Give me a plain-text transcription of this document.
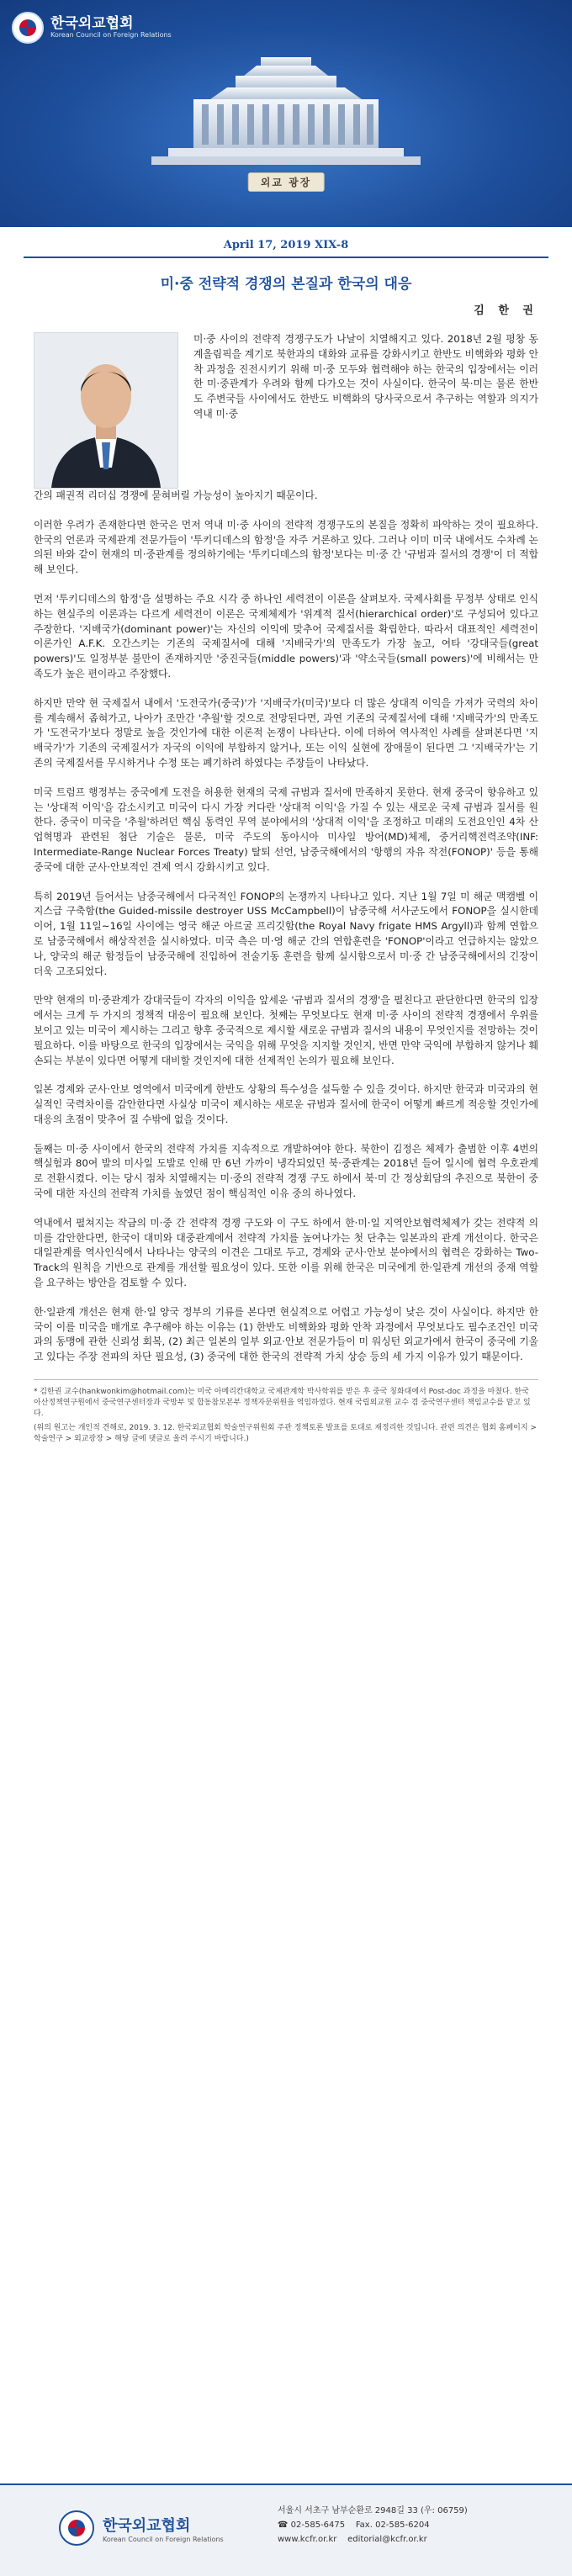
한국외교협회
Korean Council on Foreign Relations
외교 광장
April 17, 2019 XIX-8
미·중 전략적 경쟁의 본질과 한국의 대응
김 한 권

미·중 사이의 전략적 경쟁구도가 나날이 치열해지고 있다. 2018년 2월 평창 동계올림픽을 계기로 북한과의 대화와 교류를 강화시키고 한반도 비핵화와 평화 안착 과정을 진전시키기 위해 미·중 모두와 협력해야 하는 한국의 입장에서는 이러한 미·중관계가 우려와 함께 다가오는 것이 사실이다. 한국이 북·미는 물론 한반도 주변국들 사이에서도 한반도 비핵화의 당사국으로서 추구하는 역할과 의지가 역내 미·중

간의 패권적 리더십 경쟁에 묻혀버릴 가능성이 높아지기 때문이다.

이러한 우려가 존재한다면 한국은 먼저 역내 미·중 사이의 전략적 경쟁구도의 본질을 정확히 파악하는 것이 필요하다. 한국의 언론과 국제관계 전문가들이 '투키디데스의 함정'을 자주 거론하고 있다. 그러나 이미 미국 내에서도 수차례 논의된 바와 같이 현재의 미·중관계를 정의하기에는 '투키디데스의 함정'보다는 미·중 간 '규범과 질서의 경쟁'이 더 적합해 보인다.

먼저 '투키디데스의 함정'을 설명하는 주요 시각 중 하나인 세력전이 이론을 살펴보자. 국제사회를 무정부 상태로 인식하는 현실주의 이론과는 다르게 세력전이 이론은 국제체제가 '위계적 질서(hierarchical order)'로 구성되어 있다고 주장한다. '지배국가(dominant power)'는 자신의 이익에 맞추어 국제질서를 확립한다. 따라서 대표적인 세력전이 이론가인 A.F.K. 오간스키는 기존의 국제질서에 대해 '지배국가'의 만족도가 가장 높고, 여타 '강대국들(great powers)'도 일정부분 불만이 존재하지만 '중진국들(middle powers)'과 '약소국들(small powers)'에 비해서는 만족도가 높은 편이라고 주장했다.

하지만 만약 현 국제질서 내에서 '도전국가(중국)'가 '지배국가(미국)'보다 더 많은 상대적 이익을 가져가 국력의 차이를 계속해서 좁혀가고, 나아가 조만간 '추월'할 것으로 전망된다면, 과연 기존의 국제질서에 대해 '지배국가'의 만족도가 '도전국가'보다 정말로 높을 것인가에 대한 이론적 논쟁이 나타난다. 이에 더하여 역사적인 사례를 살펴본다면 '지배국가'가 기존의 국제질서가 자국의 이익에 부합하지 않거나, 또는 이익 실현에 장애물이 된다면 그 '지배국가'는 기존의 국제질서를 무시하거나 수정 또는 폐기하려 하였다는 주장들이 나타났다.

미국 트럼프 행정부는 중국에게 도전을 허용한 현재의 국제 규범과 질서에 만족하지 못한다. 현재 중국이 향유하고 있는 '상대적 이익'을 감소시키고 미국이 다시 가장 커다란 '상대적 이익'을 가질 수 있는 새로운 국제 규범과 질서를 원한다. 중국이 미국을 '추월'하려던 핵심 동력인 무역 분야에서의 '상대적 이익'을 조정하고 미래의 도전요인인 4차 산업혁명과 관련된 첨단 기술은 물론, 미국 주도의 동아시아 미사일 방어(MD)체제, 중거리핵전력조약(INF: Intermediate-Range Nuclear Forces Treaty) 탈퇴 선언, 남중국해에서의 '항행의 자유 작전(FONOP)' 등을 통해 중국에 대한 군사·안보적인 견제 역시 강화시키고 있다.

특히 2019년 들어서는 남중국해에서 다국적인 FONOP의 논쟁까지 나타나고 있다. 지난 1월 7일 미 해군 맥캠벨 이지스급 구축함(the Guided-missile destroyer USS McCampbell)이 남중국해 서사군도에서 FONOP을 실시한데 이어, 1월 11일~16일 사이에는 영국 해군 아르굴 프리깃함(the Royal Navy frigate HMS Argyll)과 함께 연합으로 남중국해에서 해상작전을 실시하였다. 미국 측은 미·영 해군 간의 연합훈련을 'FONOP'이라고 언급하지는 않았으나, 양국의 해군 함정들이 남중국해에 진입하여 전술기동 훈련을 함께 실시함으로서 미·중 간 남중국해에서의 긴장이 더욱 고조되었다.

만약 현재의 미·중관계가 강대국들이 각자의 이익을 앞세운 '규범과 질서의 경쟁'을 펼친다고 판단한다면 한국의 입장에서는 크게 두 가지의 정책적 대응이 필요해 보인다. 첫째는 무엇보다도 현재 미·중 사이의 전략적 경쟁에서 우위를 보이고 있는 미국이 제시하는 그리고 향후 중국적으로 제시할 새로운 규범과 질서의 내용이 무엇인지를 전망하는 것이 필요하다. 이를 바탕으로 한국의 입장에서는 국익을 위해 무엇을 지지할 것인지, 반면 만약 국익에 부합하지 않거나 훼손되는 부분이 있다면 어떻게 대비할 것인지에 대한 선제적인 논의가 필요해 보인다.

일본 경제와 군사·안보 영역에서 미국에게 한반도 상황의 특수성을 설득할 수 있을 것이다. 하지만 한국과 미국과의 현실적인 국력차이를 감안한다면 사실상 미국이 제시하는 새로운 규범과 질서에 한국이 어떻게 빠르게 적응할 것인가에 대응의 초점이 맞추어 질 수밖에 없을 것이다.

둘째는 미·중 사이에서 한국의 전략적 가치를 지속적으로 개발하여야 한다. 북한이 김정은 체제가 출범한 이후 4번의 핵실험과 80여 발의 미사일 도발로 인해 만 6년 가까이 냉각되었던 북·중관계는 2018년 들어 일시에 협력 우호관계로 전환시켰다. 이는 당시 점차 치열해지는 미·중의 전략적 경쟁 구도 하에서 북·미 간 정상회담의 추진으로 북한이 중국에 대한 자신의 전략적 가치를 높였던 점이 핵심적인 이유 중의 하나였다.

역내에서 펼쳐지는 작금의 미·중 간 전략적 경쟁 구도와 이 구도 하에서 한·미·일 지역안보협력체제가 갖는 전략적 의미를 감안한다면, 한국이 대미와 대중관계에서 전략적 가치를 높여나가는 첫 단추는 일본과의 관계 개선이다. 한국은 대일관계를 역사인식에서 나타나는 양국의 이견은 그대로 두고, 경제와 군사·안보 분야에서의 협력은 강화하는 Two-Track의 원칙을 기반으로 관계를 개선할 필요성이 있다. 또한 이를 위해 한국은 미국에게 한·일관계 개선의 중재 역할을 요구하는 방안을 검토할 수 있다.

한·일관계 개선은 현재 한·일 양국 정부의 기류를 본다면 현실적으로 어렵고 가능성이 낮은 것이 사실이다. 하지만 한국이 이를 미국을 매개로 추구해야 하는 이유는 (1) 한반도 비핵화와 평화 안착 과정에서 무엇보다도 필수조건인 미국과의 동맹에 관한 신뢰성 회복, (2) 최근 일본의 일부 외교·안보 전문가들이 미 워싱턴 외교가에서 한국이 중국에 기울고 있다는 주장 전파의 차단 필요성, (3) 중국에 대한 한국의 전략적 가치 상승 등의 세 가지 이유가 있기 때문이다.

* 김한권 교수(hankwonkim@hotmail.com)는 미국 아메리칸대학교 국제관계학 박사학위를 받은 후 중국 칭화대에서 Post-doc 과정을 마쳤다. 한국 아산정책연구원에서 중국연구센터장과 국방부 및 합동참모본부 정책자문위원을 역임하였다. 현재 국립외교원 교수 겸 중국연구센터 책임교수를 맡고 있다.
(위의 원고는 개인적 견해로, 2019. 3. 12. 한국외교협회 학술연구위원회 주관 정책토론 발표를 토대로 재정리한 것입니다. 관련 의견은 협회 홈페이지 > 학술연구 > 외교광장 > 해당 글에 댓글로 올려 주시기 바랍니다.)
한국외교협회
Korean Council on Foreign Relations
서울시 서초구 남부순환로 2948길 33 (우: 06759)
☎ 02-585-6475 Fax. 02-585-6204
www.kcfr.or.kr editorial@kcfr.or.kr
